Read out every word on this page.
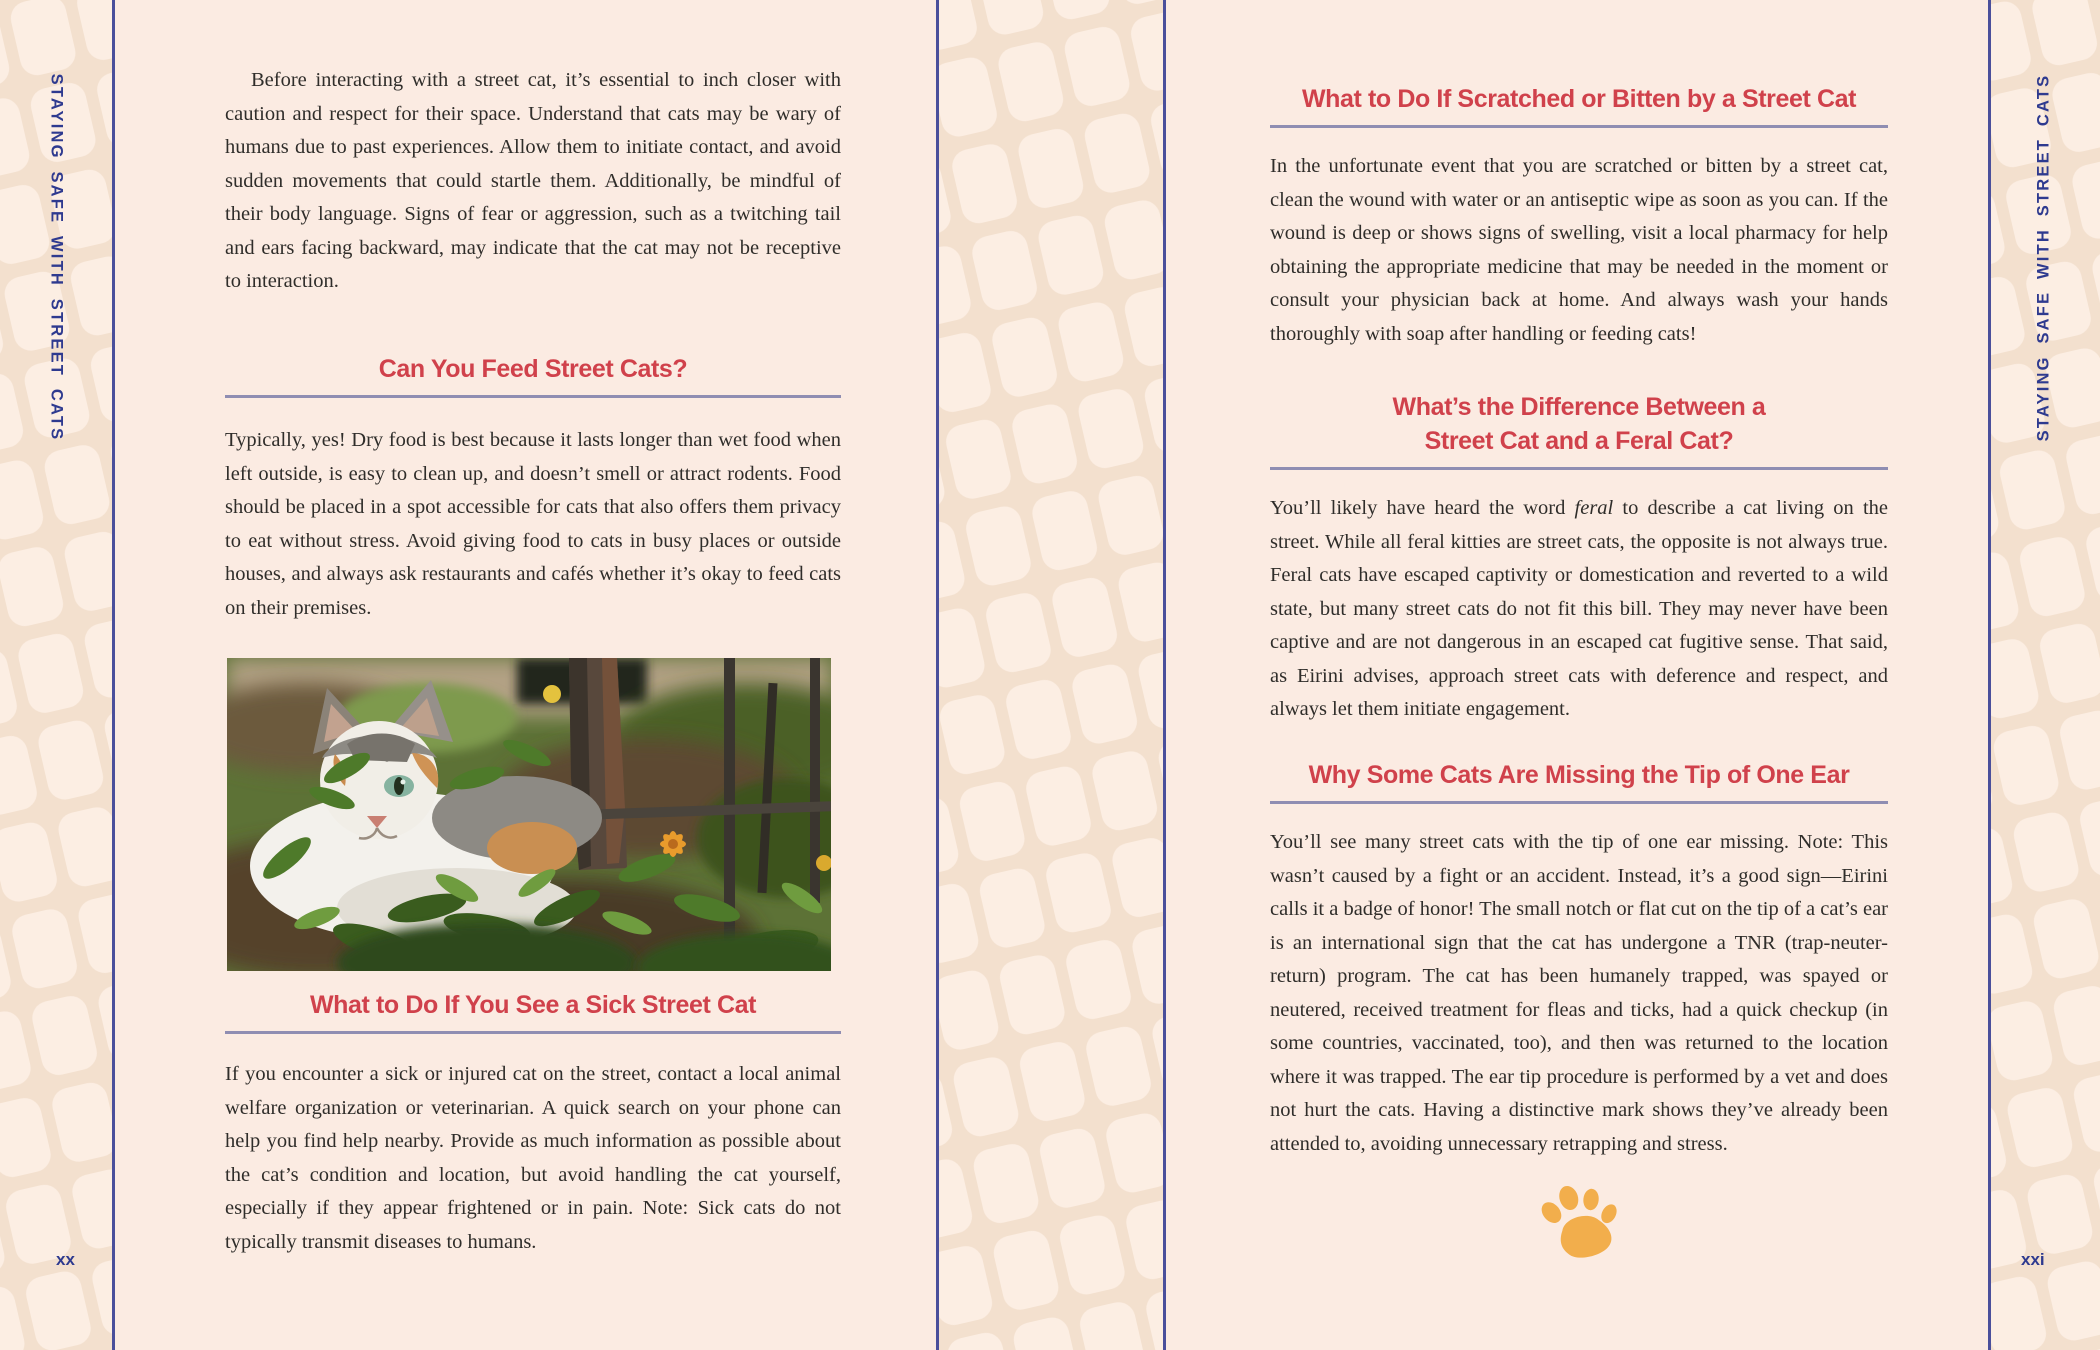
Before interacting with a street cat, it’s essential to inch closer with caution and respect for their space. Understand that cats may be wary of humans due to past experiences. Allow them to initiate contact, and avoid sudden movements that could startle them. Additionally, be mindful of their body language. Signs of fear or aggression, such as a twitching tail and ears facing backward, may indicate that the cat may not be receptive to interaction.

Can You Feed Street Cats?

Typically, yes! Dry food is best because it lasts longer than wet food when left outside, is easy to clean up, and doesn’t smell or attract rodents. Food should be placed in a spot accessible for cats that also offers them privacy to eat without stress. Avoid giving food to cats in busy places or outside houses, and always ask restaurants and cafés whether it’s okay to feed cats on their premises.

What to Do If You See a Sick Street Cat

If you encounter a sick or injured cat on the street, contact a local animal welfare organization or veterinarian. A quick search on your phone can help you find help nearby. Provide as much information as possible about the cat’s condition and location, but avoid handling the cat yourself, especially if they appear frightened or in pain. Note: Sick cats do not typically transmit diseases to humans.

What to Do If Scratched or Bitten by a Street Cat

In the unfortunate event that you are scratched or bitten by a street cat, clean the wound with water or an antiseptic wipe as soon as you can. If the wound is deep or shows signs of swelling, visit a local pharmacy for help obtaining the appropriate medicine that may be needed in the moment or consult your physician back at home. And always wash your hands thoroughly with soap after handling or feeding cats!

What’s the Difference Between a
Street Cat and a Feral Cat?

You’ll likely have heard the word feral to describe a cat living on the street. While all feral kitties are street cats, the opposite is not always true. Feral cats have escaped captivity or domestication and reverted to a wild state, but many street cats do not fit this bill. They may never have been captive and are not dangerous in an escaped cat fugitive sense. That said, as Eirini advises, approach street cats with deference and respect, and always let them initiate engagement.

Why Some Cats Are Missing the Tip of One Ear

You’ll see many street cats with the tip of one ear missing. Note: This wasn’t caused by a fight or an accident. Instead, it’s a good sign—Eirini calls it a badge of honor! The small notch or flat cut on the tip of a cat’s ear is an international sign that the cat has undergone a TNR (trap-neuter-return) program. The cat has been humanely trapped, was spayed or neutered, received treatment for fleas and ticks, had a quick checkup (in some countries, vaccinated, too), and then was returned to the location where it was trapped. The ear tip procedure is performed by a vet and does not hurt the cats. Having a distinctive mark shows they’ve already been attended to, avoiding unnecessary retrapping and stress.

STAYING SAFE WITH STREET CATS	STAYING SAFE WITH STREET CATS
xx	xxi
